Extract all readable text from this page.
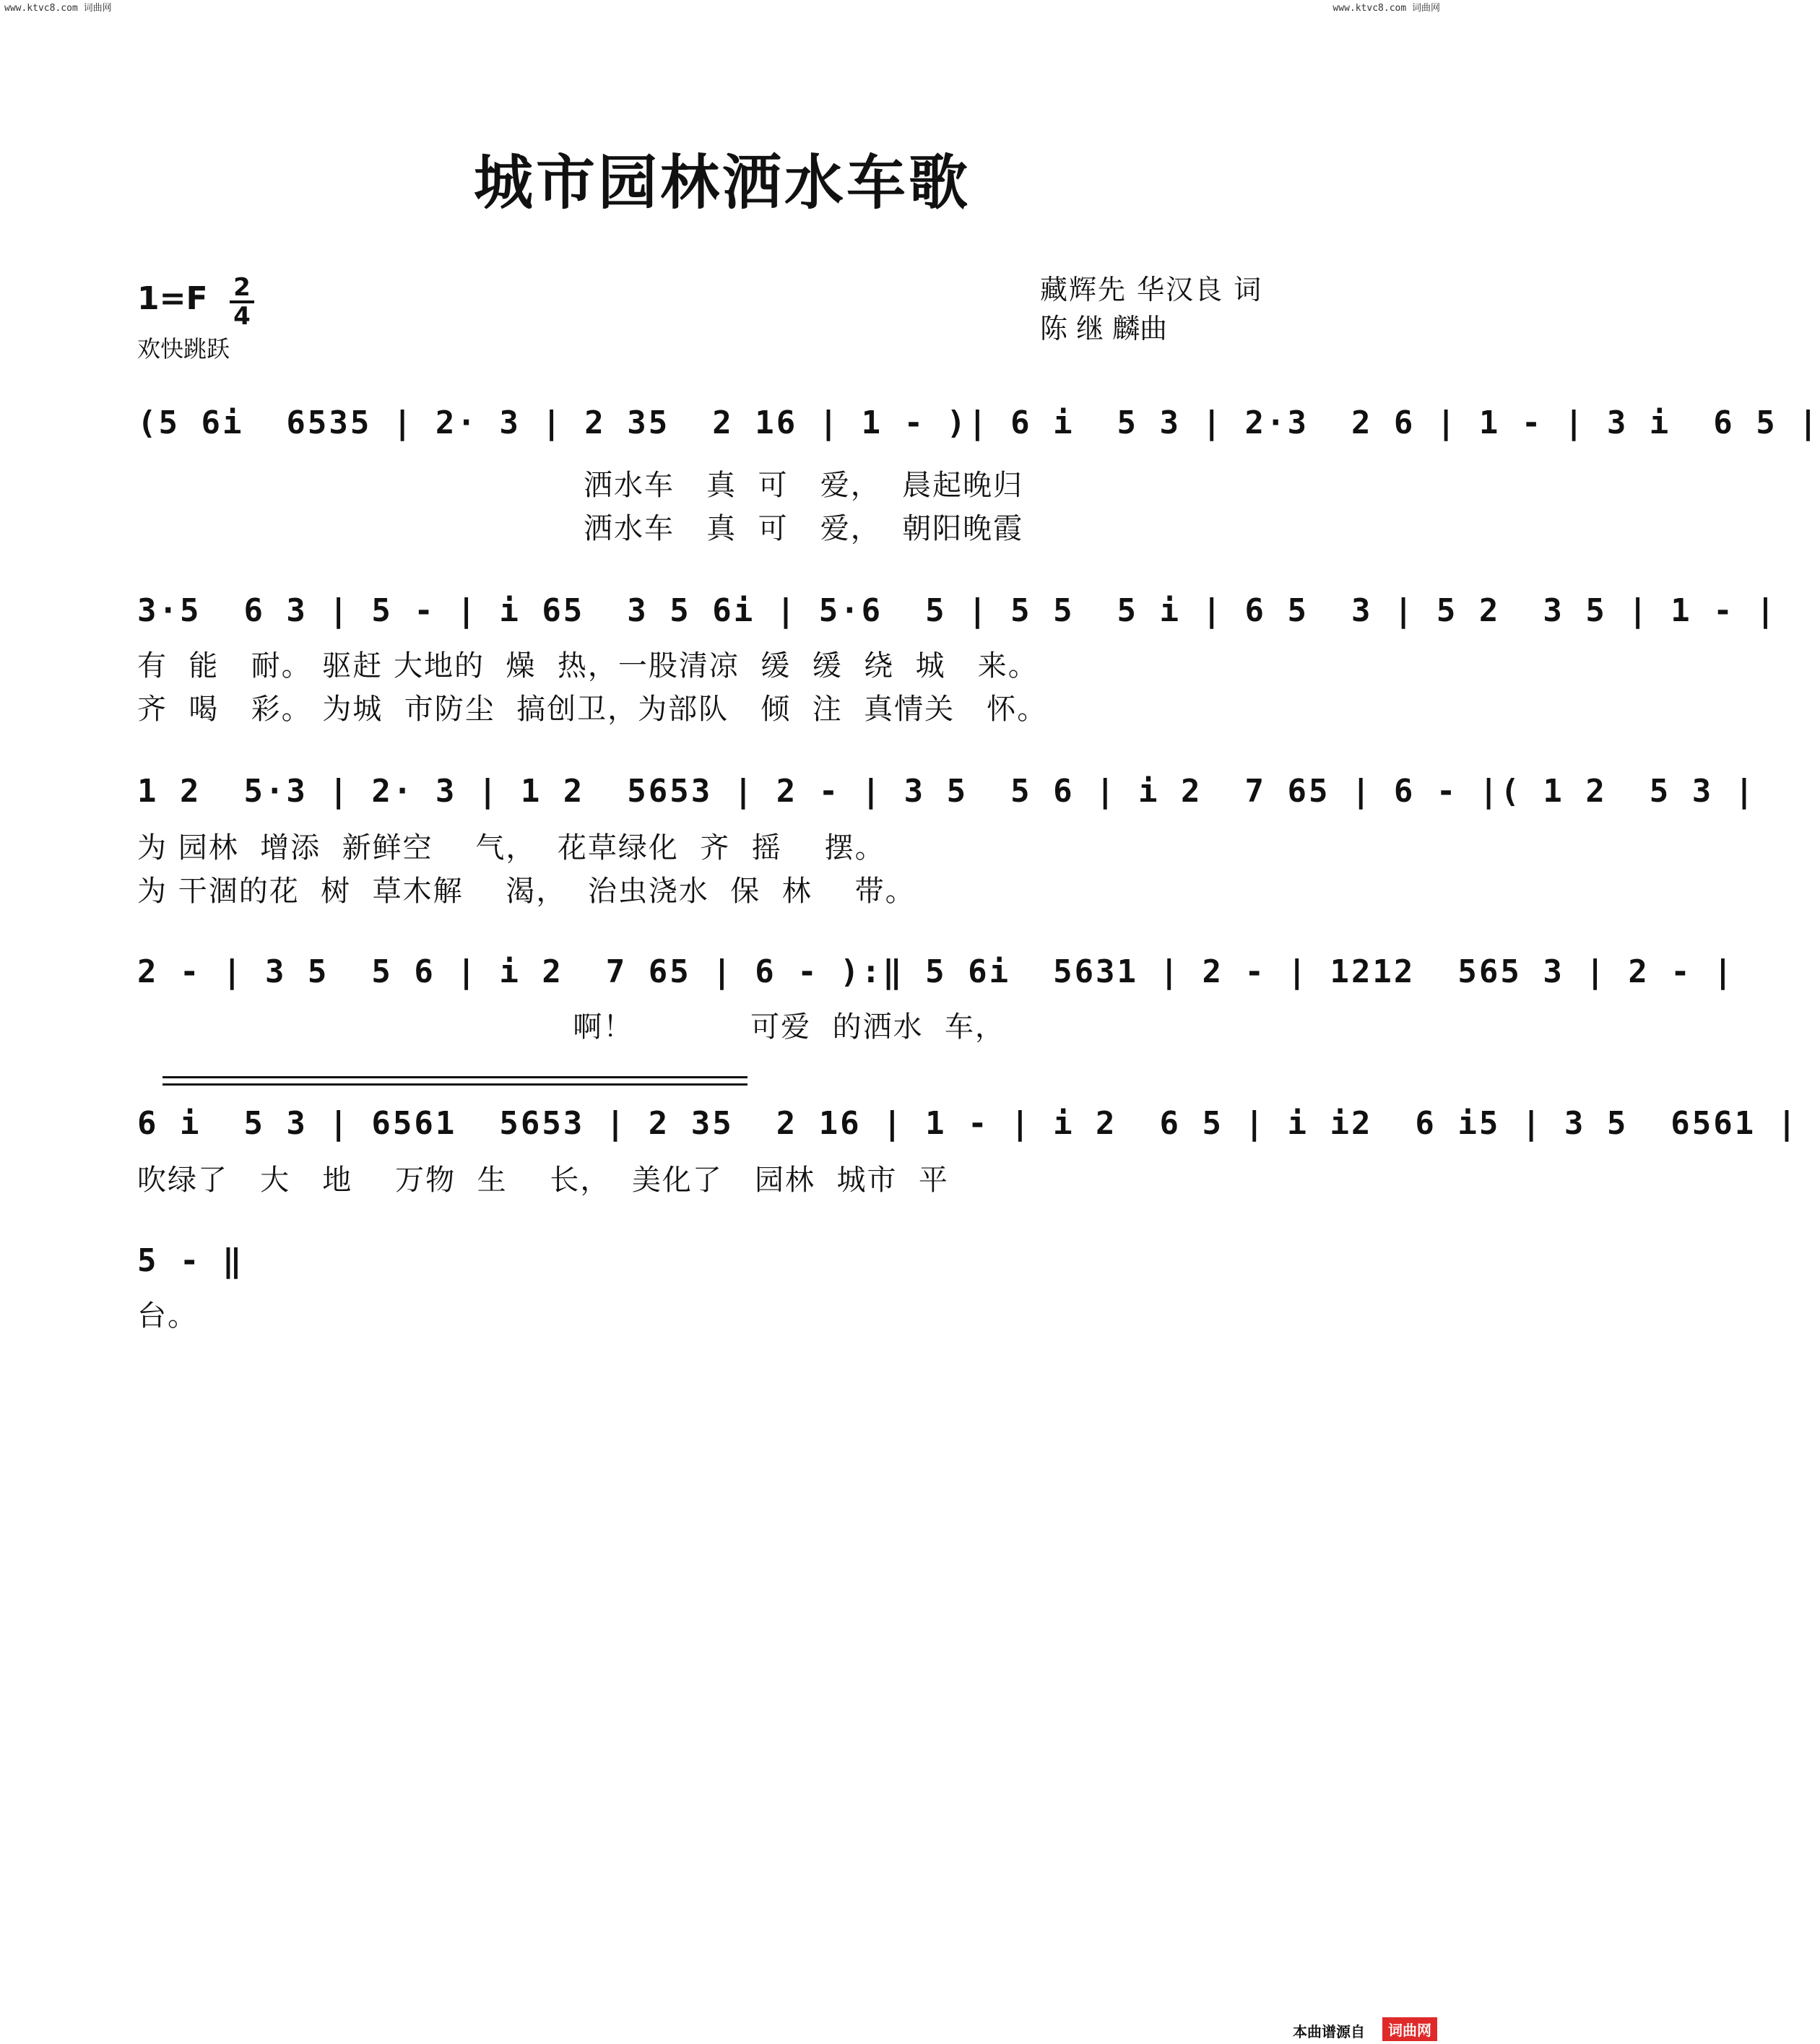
www.ktvc8.com 词曲网	www.ktvc8.com 词曲网
城市园林洒水车歌
$1=F \frac{2}{4}$
欢快跳跃
藏辉先 华汉良 词
陈 继 麟曲
(5 6i  6535 | 2· 3 | 2 35  2 16 | 1 - )| 6 i  5 3 | 2·3  2 6 | 1 - | 3 i  6 5 |
洒水车   真  可   爱，  晨起晚归
洒水车   真  可   爱，  朝阳晚霞
3·5  6 3 | 5 - | i 65  3 5 6i | 5·6  5 | 5 5  5 i | 6 5  3 | 5 2  3 5 | 1 - |
有  能   耐。 驱赶 大地的  燥  热，一股清凉  缓  缓  绕  城   来。
齐  喝   彩。 为城  市防尘  搞创卫，为部队   倾  注  真情关   怀。
1 2  5·3 | 2· 3 | 1 2  5653 | 2 - | 3 5  5 6 | i 2  7 65 | 6 - |( 1 2  5 3 |
为 园林  增添  新鲜空    气，  花草绿化  齐  摇    摆。
为 干涸的花  树  草木解    渴，  治虫浇水  保  林    带。
2 - | 3 5  5 6 | i 2  7 65 | 6 - ):‖ 5 6i  5631 | 2 - | 1212  565 3 | 2 - |
啊！           可爱  的洒水  车，
6 i  5 3 | 6561  5653 | 2 35  2 16 | 1 - | i 2  6 5 | i i2  6 i5 | 3 5  6561 |
吹绿了   大   地    万物  生    长，  美化了   园林  城市  平
5 - ‖
台。
本曲谱源自	词曲网
